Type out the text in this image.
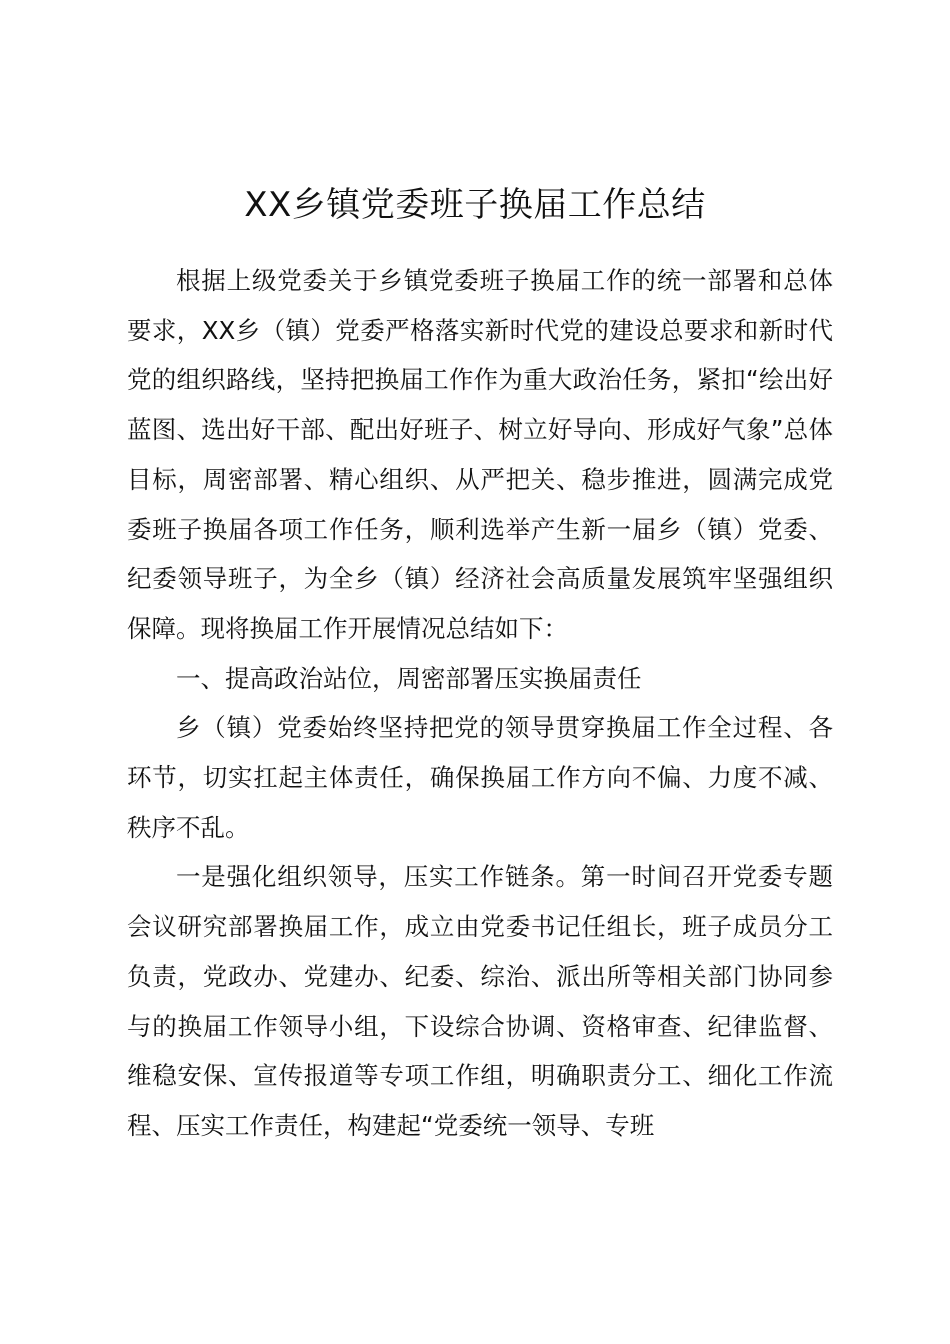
XX乡镇党委班子换届工作总结

根据上级党委关于乡镇党委班子换届工作的统一部署和总体要求，XX乡（镇）党委严格落实新时代党的建设总要求和新时代党的组织路线，坚持把换届工作作为重大政治任务，紧扣“绘出好蓝图、选出好干部、配出好班子、树立好导向、形成好气象”总体目标，周密部署、精心组织、从严把关、稳步推进，圆满完成党委班子换届各项工作任务，顺利选举产生新一届乡（镇）党委、纪委领导班子，为全乡（镇）经济社会高质量发展筑牢坚强组织保障。现将换届工作开展情况总结如下：

一、提高政治站位，周密部署压实换届责任

乡（镇）党委始终坚持把党的领导贯穿换届工作全过程、各环节，切实扛起主体责任，确保换届工作方向不偏、力度不减、秩序不乱。

一是强化组织领导，压实工作链条。第一时间召开党委专题会议研究部署换届工作，成立由党委书记任组长，班子成员分工负责，党政办、党建办、纪委、综治、派出所等相关部门协同参与的换届工作领导小组，下设综合协调、资格审查、纪律监督、维稳安保、宣传报道等专项工作组，明确职责分工、细化工作流程、压实工作责任，构建起“党委统一领导、专班
